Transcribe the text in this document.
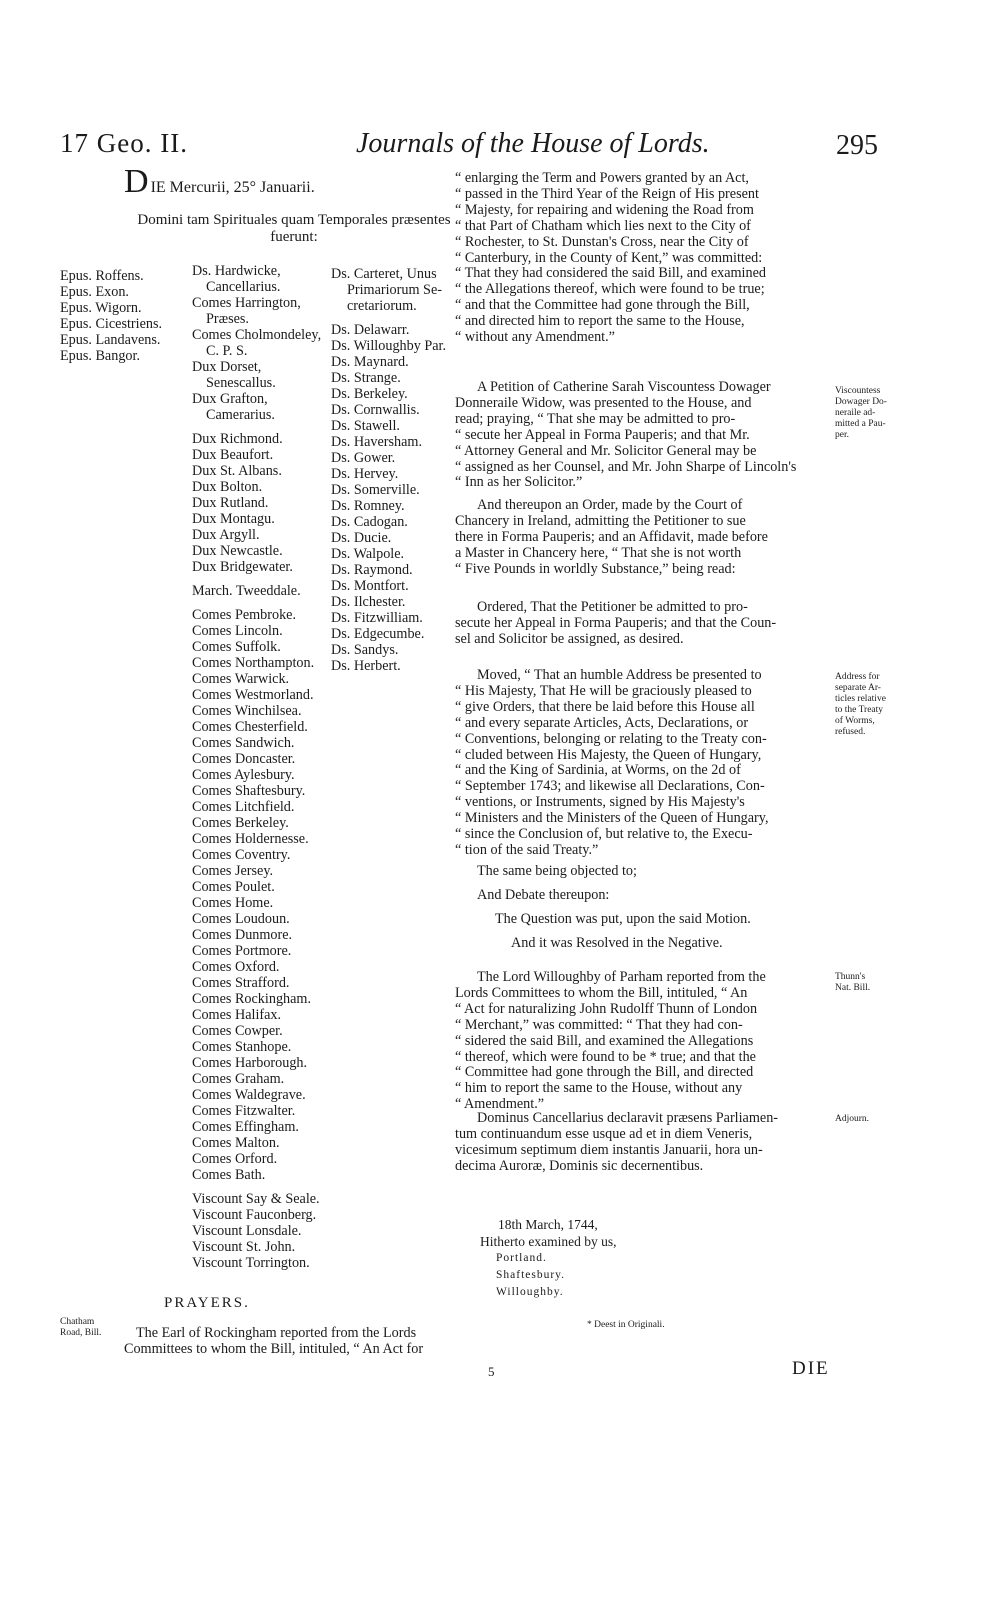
17 Geo. II.	Journals of the House of Lords.	295
DIE Mercurii, 25° Januarii.
Domini tam Spirituales quam Temporales præsentes fuerunt:
Epus. Roffens.
Epus. Exon.
Epus. Wigorn.
Epus. Cicestriens.
Epus. Landavens.
Epus. Bangor.
Ds. Hardwicke,
Cancellarius.
Comes Harrington,
Præses.
Comes Cholmondeley,
C. P. S.
Dux Dorset,
Senescallus.
Dux Grafton,
Camerarius.
Dux Richmond.
Dux Beaufort.
Dux St. Albans.
Dux Bolton.
Dux Rutland.
Dux Montagu.
Dux Argyll.
Dux Newcastle.
Dux Bridgewater.
March. Tweeddale.
Comes Pembroke.
Comes Lincoln.
Comes Suffolk.
Comes Northampton.
Comes Warwick.
Comes Westmorland.
Comes Winchilsea.
Comes Chesterfield.
Comes Sandwich.
Comes Doncaster.
Comes Aylesbury.
Comes Shaftesbury.
Comes Litchfield.
Comes Berkeley.
Comes Holdernesse.
Comes Coventry.
Comes Jersey.
Comes Poulet.
Comes Home.
Comes Loudoun.
Comes Dunmore.
Comes Portmore.
Comes Oxford.
Comes Strafford.
Comes Rockingham.
Comes Halifax.
Comes Cowper.
Comes Stanhope.
Comes Harborough.
Comes Graham.
Comes Waldegrave.
Comes Fitzwalter.
Comes Effingham.
Comes Malton.
Comes Orford.
Comes Bath.
Viscount Say & Seale.
Viscount Fauconberg.
Viscount Lonsdale.
Viscount St. John.
Viscount Torrington.
Ds. Carteret, Unus
Primariorum Se-
cretariorum.
Ds. Delawarr.
Ds. Willoughby Par.
Ds. Maynard.
Ds. Strange.
Ds. Berkeley.
Ds. Cornwallis.
Ds. Stawell.
Ds. Haversham.
Ds. Gower.
Ds. Hervey.
Ds. Somerville.
Ds. Romney.
Ds. Cadogan.
Ds. Ducie.
Ds. Walpole.
Ds. Raymond.
Ds. Montfort.
Ds. Ilchester.
Ds. Fitzwilliam.
Ds. Edgecumbe.
Ds. Sandys.
Ds. Herbert.
“ enlarging the Term and Powers granted by an Act,
“ passed in the Third Year of the Reign of His present
“ Majesty, for repairing and widening the Road from
“ that Part of Chatham which lies next to the City of
“ Rochester, to St. Dunstan's Cross, near the City of
“ Canterbury, in the County of Kent,” was committed:
“ That they had considered the said Bill, and examined
“ the Allegations thereof, which were found to be true;
“ and that the Committee had gone through the Bill,
“ and directed him to report the same to the House,
“ without any Amendment.”
A Petition of Catherine Sarah Viscountess Dowager
Donneraile Widow, was presented to the House, and
read; praying, “ That she may be admitted to pro-
“ secute her Appeal in Forma Pauperis; and that Mr.
“ Attorney General and Mr. Solicitor General may be
“ assigned as her Counsel, and Mr. John Sharpe of Lincoln's
“ Inn as her Solicitor.”
And thereupon an Order, made by the Court of
Chancery in Ireland, admitting the Petitioner to sue
there in Forma Pauperis; and an Affidavit, made before
a Master in Chancery here, “ That she is not worth
“ Five Pounds in worldly Substance,” being read:
Ordered, That the Petitioner be admitted to pro-
secute her Appeal in Forma Pauperis; and that the Coun-
sel and Solicitor be assigned, as desired.
Moved, “ That an humble Address be presented to
“ His Majesty, That He will be graciously pleased to
“ give Orders, that there be laid before this House all
“ and every separate Articles, Acts, Declarations, or
“ Conventions, belonging or relating to the Treaty con-
“ cluded between His Majesty, the Queen of Hungary,
“ and the King of Sardinia, at Worms, on the 2d of
“ September 1743; and likewise all Declarations, Con-
“ ventions, or Instruments, signed by His Majesty's
“ Ministers and the Ministers of the Queen of Hungary,
“ since the Conclusion of, but relative to, the Execu-
“ tion of the said Treaty.”

The same being objected to;

And Debate thereupon:

The Question was put, upon the said Motion.

And it was Resolved in the Negative.

The Lord Willoughby of Parham reported from the
Lords Committees to whom the Bill, intituled, “ An
“ Act for naturalizing John Rudolff Thunn of London
“ Merchant,” was committed: “ That they had con-
“ sidered the said Bill, and examined the Allegations
“ thereof, which were found to be * true; and that the
“ Committee had gone through the Bill, and directed
“ him to report the same to the House, without any
“ Amendment.”
Dominus Cancellarius declaravit præsens Parliamen-
tum continuandum esse usque ad et in diem Veneris,
vicesimum septimum diem instantis Januarii, hora un-
decima Auroræ, Dominis sic decernentibus.
Viscountess
Dowager Do-
neraile ad-
mitted a Pau-
per.
Address for
separate Ar-
ticles relative
to the Treaty
of Worms,
refused.
Thunn's
Nat. Bill.
Adjourn.
Chatham
Road, Bill.
18th March, 1744,
Hitherto examined by us,
Portland.
Shaftesbury.
Willoughby.
* Deest in Originali.
PRAYERS.
The Earl of Rockingham reported from the Lords
Committees to whom the Bill, intituled, “ An Act for
5	DIE
